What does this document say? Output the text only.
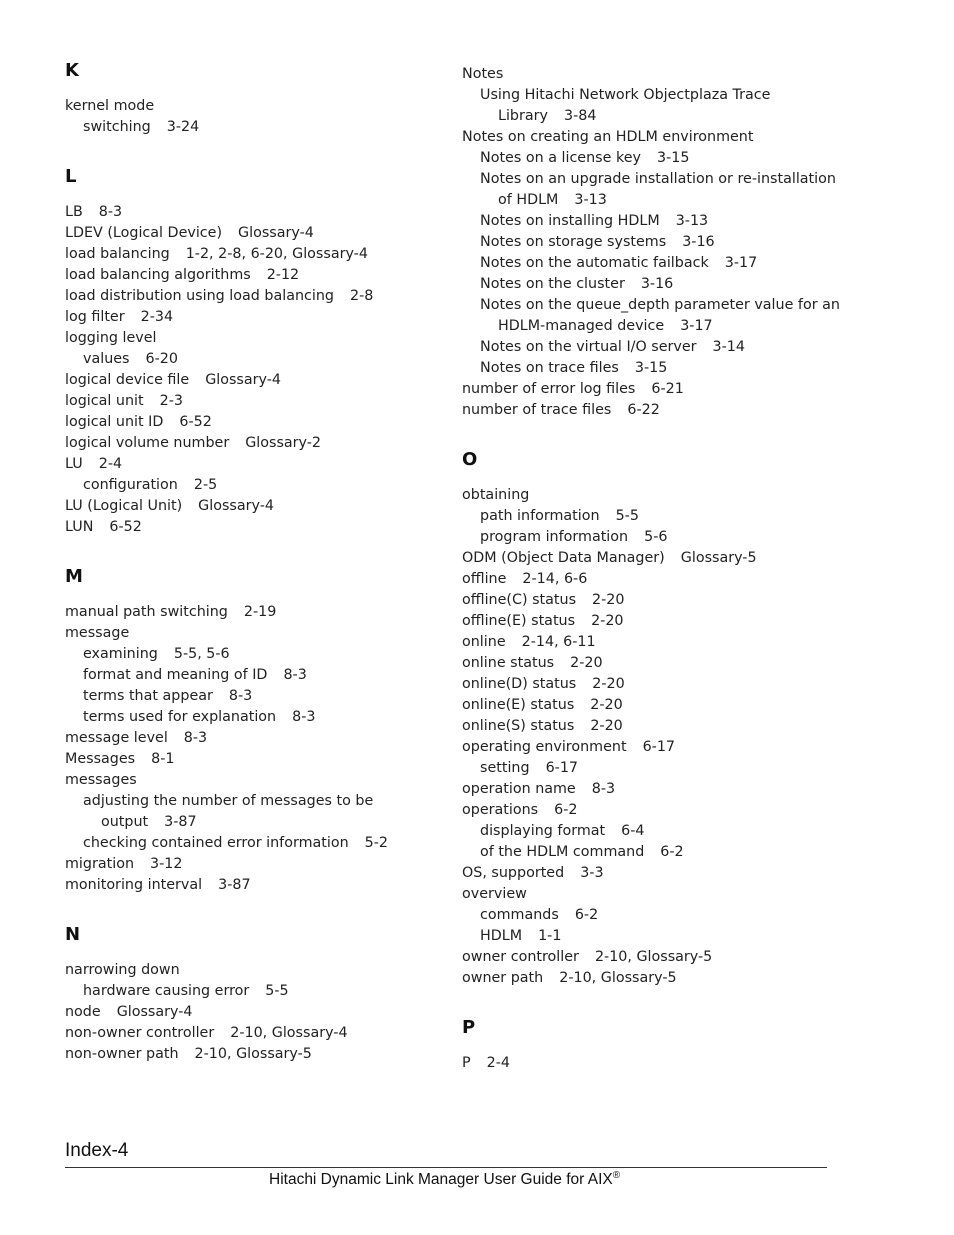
K
kernel mode
switching 3-24
L
LB 8-3
LDEV (Logical Device) Glossary-4
load balancing 1-2, 2-8, 6-20, Glossary-4
load balancing algorithms 2-12
load distribution using load balancing 2-8
log filter 2-34
logging level
values 6-20
logical device file Glossary-4
logical unit 2-3
logical unit ID 6-52
logical volume number Glossary-2
LU 2-4
configuration 2-5
LU (Logical Unit) Glossary-4
LUN 6-52
M
manual path switching 2-19
message
examining 5-5, 5-6
format and meaning of ID 8-3
terms that appear 8-3
terms used for explanation 8-3
message level 8-3
Messages 8-1
messages
adjusting the number of messages to be output 3-87
checking contained error information 5-2
migration 3-12
monitoring interval 3-87
N
narrowing down
hardware causing error 5-5
node Glossary-4
non-owner controller 2-10, Glossary-4
non-owner path 2-10, Glossary-5
Notes
Using Hitachi Network Objectplaza Trace Library 3-84
Notes on creating an HDLM environment
Notes on a license key 3-15
Notes on an upgrade installation or re-installation of HDLM 3-13
Notes on installing HDLM 3-13
Notes on storage systems 3-16
Notes on the automatic failback 3-17
Notes on the cluster 3-16
Notes on the queue_depth parameter value for an HDLM-managed device 3-17
Notes on the virtual I/O server 3-14
Notes on trace files 3-15
number of error log files 6-21
number of trace files 6-22
O
obtaining
path information 5-5
program information 5-6
ODM (Object Data Manager) Glossary-5
offline 2-14, 6-6
offline(C) status 2-20
offline(E) status 2-20
online 2-14, 6-11
online status 2-20
online(D) status 2-20
online(E) status 2-20
online(S) status 2-20
operating environment 6-17
setting 6-17
operation name 8-3
operations 6-2
displaying format 6-4
of the HDLM command 6-2
OS, supported 3-3
overview
commands 6-2
HDLM 1-1
owner controller 2-10, Glossary-5
owner path 2-10, Glossary-5
P
P 2-4
Index-4
Hitachi Dynamic Link Manager User Guide for AIX®
